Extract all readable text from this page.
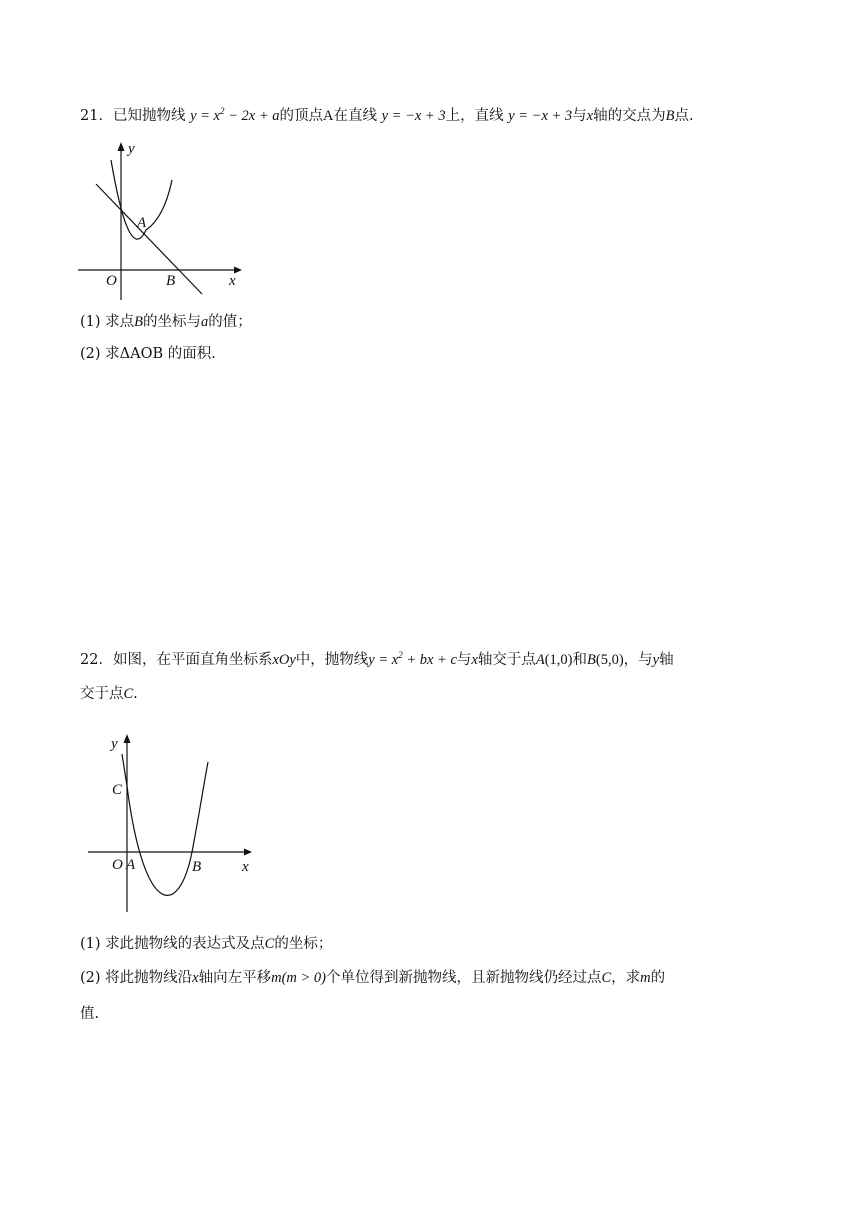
21．已知抛物线 $y = x^2 - 2x + a$的顶点A在直线 y = −x + 3上，直线 y = −x + 3与x轴的交点为B点.
y
A
O	B	x
(1) 求点B的坐标与a的值；
(2) 求ΔAOB 的面积.
22．如图，在平面直角坐标系xOy中，抛物线$y = x^2$ + bx + c与x轴交于点A(1,0)和B(5,0)，与y轴
交于点C.
y
C
O A	B	x
(1) 求此抛物线的表达式及点C的坐标；
(2) 将此抛物线沿x轴向左平移m(m > 0)个单位得到新抛物线，且新抛物线仍经过点C，求m的
值.
